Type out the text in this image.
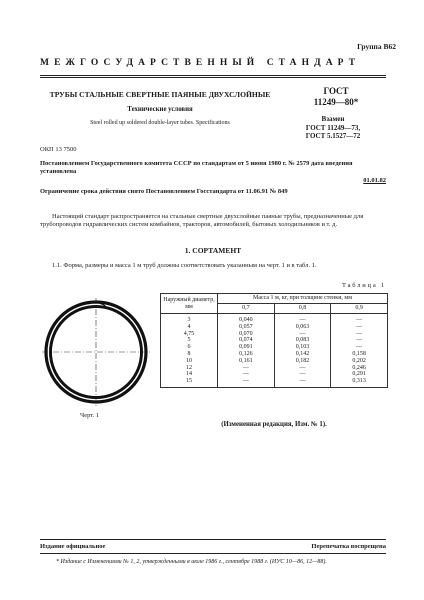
Группа В62
МЕЖГОСУДАРСТВЕННЫЙ СТАНДАРТ
ТРУБЫ СТАЛЬНЫЕ СВЕРТНЫЕ ПАЯНЫЕ ДВУХСЛОЙНЫЕ
Технические условия
Steel rolled up soldered double-layer tubes. Specifications
ГОСТ
11249—80*
Взамен
ГОСТ 11249—73,
ГОСТ 5.1527—72
ОКП 13 7500
Постановлением Государственного комитета СССР по стандартам от 5 июня 1980 г. № 2579 дата введения установлена
01.01.82
Ограничение срока действия снято Постановлением Госстандарта от 11.06.91 № 849
Настоящий стандарт распространяется на стальные свертные двухслойные паяные трубы, предназначенные для трубопроводов гидравлических систем комбайнов, тракторов, автомобилей, бытовых холодильников и т. д.
1. СОРТАМЕНТ
1.1. Форма, размеры и масса 1 м труб должны соответствовать указанным на черт. 1 и в табл. 1.
Таблица 1
Черт. 1
Наружный диаметр, мм	Масса 1 м, кг, при толщине стенки, мм		
	0,7	0,8	0,9
3	0,040	—	—
4	0,057	0,063	—
4,75	0,070	—	—
5	0,074	0,083	—
6	0,091	0,103	—
8	0,126	0,142	0,158
10	0,161	0,182	0,202
12	—	—	0,246
14	—	—	0,291
15	—	—	0,313
(Измененная редакция, Изм. № 1).
Издание официальное	Перепечатка воспрещена
* Издание с Изменениями № 1, 2, утвержденными в июле 1986 г., сентябре 1988 г. (ИУС 10—86, 12—88).
